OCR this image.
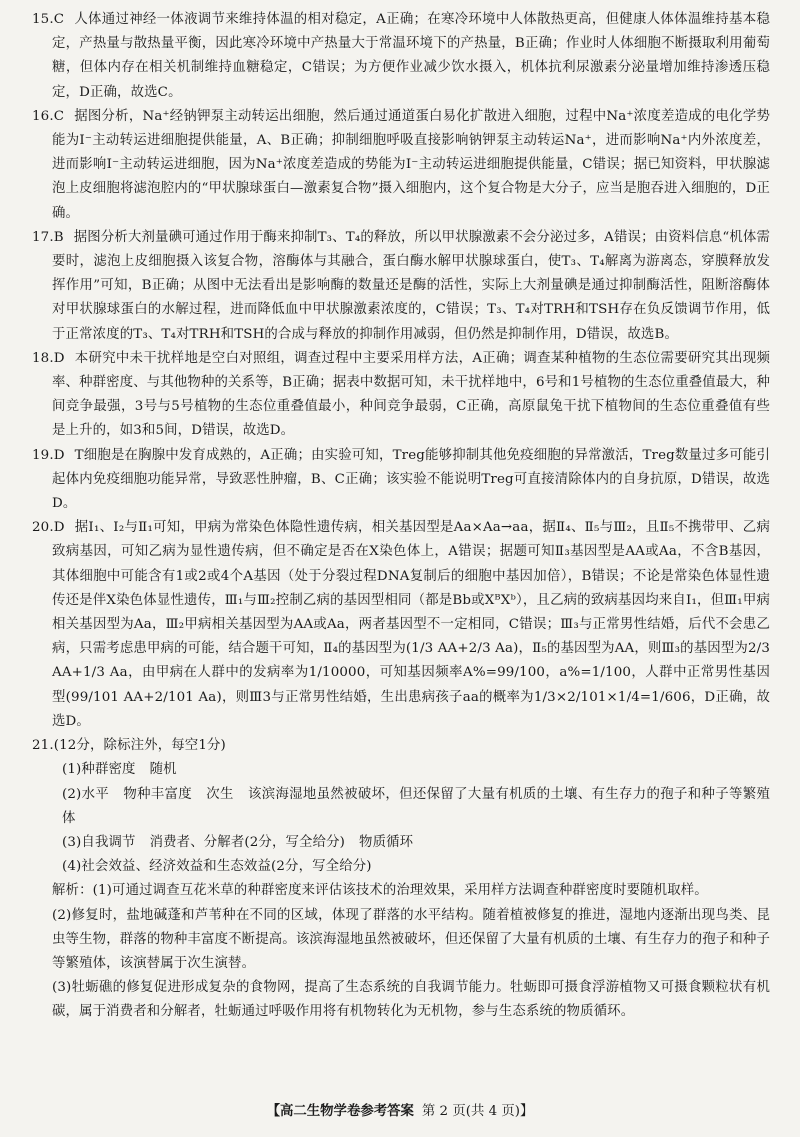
15.C 人体通过神经一体液调节来维持体温的相对稳定，A正确；在寒冷环境中人体散热更高，但健康人体体温维持基本稳定，产热量与散热量平衡，因此寒冷环境中产热量大于常温环境下的产热量，B正确；作业时人体细胞不断摄取利用葡萄糖，但体内存在相关机制维持血糖稳定，C错误；为方便作业减少饮水摄入，机体抗利尿激素分泌量增加维持渗透压稳定，D正确，故选C。

16.C 据图分析，Na⁺经钠钾泵主动转运出细胞，然后通过通道蛋白易化扩散进入细胞，过程中Na⁺浓度差造成的电化学势能为I⁻主动转运进细胞提供能量，A、B正确；抑制细胞呼吸直接影响钠钾泵主动转运Na⁺，进而影响Na⁺内外浓度差，进而影响I⁻主动转运进细胞，因为Na⁺浓度差造成的势能为I⁻主动转运进细胞提供能量，C错误；据已知资料，甲状腺滤泡上皮细胞将滤泡腔内的“甲状腺球蛋白—激素复合物”摄入细胞内，这个复合物是大分子，应当是胞吞进入细胞的，D正确。

17.B 据图分析大剂量碘可通过作用于酶来抑制T₃、T₄的释放，所以甲状腺激素不会分泌过多，A错误；由资料信息“机体需要时，滤泡上皮细胞摄入该复合物，溶酶体与其融合，蛋白酶水解甲状腺球蛋白，使T₃、T₄解离为游离态，穿膜释放发挥作用”可知，B正确；从图中无法看出是影响酶的数量还是酶的活性，实际上大剂量碘是通过抑制酶活性，阻断溶酶体对甲状腺球蛋白的水解过程，进而降低血中甲状腺激素浓度的，C错误；T₃、T₄对TRH和TSH存在负反馈调节作用，低于正常浓度的T₃、T₄对TRH和TSH的合成与释放的抑制作用减弱，但仍然是抑制作用，D错误，故选B。

18.D 本研究中未干扰样地是空白对照组，调查过程中主要采用样方法，A正确；调查某种植物的生态位需要研究其出现频率、种群密度、与其他物种的关系等，B正确；据表中数据可知，未干扰样地中，6号和1号植物的生态位重叠值最大，种间竞争最强，3号与5号植物的生态位重叠值最小，种间竞争最弱，C正确，高原鼠兔干扰下植物间的生态位重叠值有些是上升的，如3和5间，D错误，故选D。

19.D T细胞是在胸腺中发育成熟的，A正确；由实验可知，Treg能够抑制其他免疫细胞的异常激活，Treg数量过多可能引起体内免疫细胞功能异常，导致恶性肿瘤，B、C正确；该实验不能说明Treg可直接清除体内的自身抗原，D错误，故选D。

20.D 据Ⅰ₁、Ⅰ₂与Ⅱ₁可知，甲病为常染色体隐性遗传病，相关基因型是Aa×Aa→aa，据Ⅱ₄、Ⅱ₅与Ⅲ₂，且Ⅱ₅不携带甲、乙病致病基因，可知乙病为显性遗传病，但不确定是否在X染色体上，A错误；据题可知Ⅱ₃基因型是AA或Aa，不含B基因，其体细胞中可能含有1或2或4个A基因（处于分裂过程DNA复制后的细胞中基因加倍），B错误；不论是常染色体显性遗传还是伴X染色体显性遗传，Ⅲ₁与Ⅲ₂控制乙病的基因型相同（都是Bb或XᴮXᵇ），且乙病的致病基因均来自Ⅰ₁，但Ⅲ₁甲病相关基因型为Aa，Ⅲ₂甲病相关基因型为AA或Aa，两者基因型不一定相同，C错误；Ⅲ₃与正常男性结婚，后代不会患乙病，只需考虑患甲病的可能，结合题干可知，Ⅱ₄的基因型为(1/3 AA+2/3 Aa)，Ⅱ₅的基因型为AA，则Ⅲ₃的基因型为2/3 AA+1/3 Aa，由甲病在人群中的发病率为1/10000，可知基因频率A%=99/100，a%=1/100，人群中正常男性基因型(99/101 AA+2/101 Aa)，则Ⅲ3与正常男性结婚，生出患病孩子aa的概率为1/3×2/101×1/4=1/606，D正确，故选D。

21.(12分，除标注外，每空1分)

(1)种群密度 随机

(2)水平 物种丰富度 次生 该滨海湿地虽然被破坏，但还保留了大量有机质的土壤、有生存力的孢子和种子等繁殖体

(3)自我调节 消费者、分解者(2分，写全给分) 物质循环

(4)社会效益、经济效益和生态效益(2分，写全给分)

解析：(1)可通过调查互花米草的种群密度来评估该技术的治理效果，采用样方法调查种群密度时要随机取样。

(2)修复时，盐地碱蓬和芦苇种在不同的区域，体现了群落的水平结构。随着植被修复的推进，湿地内逐渐出现鸟类、昆虫等生物，群落的物种丰富度不断提高。该滨海湿地虽然被破坏，但还保留了大量有机质的土壤、有生存力的孢子和种子等繁殖体，该演替属于次生演替。

(3)牡蛎礁的修复促进形成复杂的食物网，提高了生态系统的自我调节能力。牡蛎即可摄食浮游植物又可摄食颗粒状有机碳，属于消费者和分解者，牡蛎通过呼吸作用将有机物转化为无机物，参与生态系统的物质循环。

【高二生物学卷参考答案 第 2 页(共 4 页)】
